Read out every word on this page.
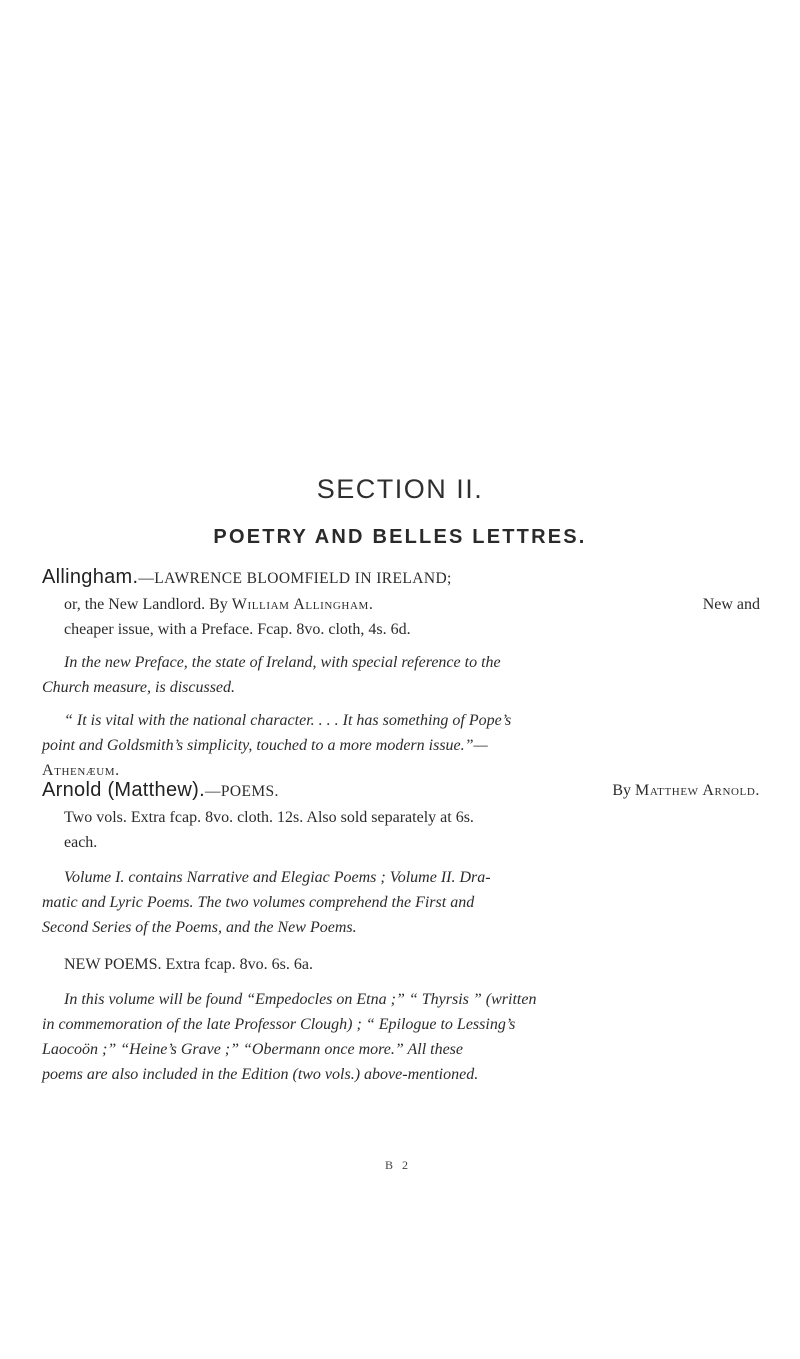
SECTION II.
POETRY AND BELLES LETTRES.
Allingham.—LAWRENCE BLOOMFIELD IN IRELAND;
or, the New Landlord. By William Allingham.	New and
cheaper issue, with a Preface. Fcap. 8vo. cloth, 4s. 6d.
In the new Preface, the state of Ireland, with special reference to the
Church measure, is discussed.
“ It is vital with the national character. . . . It has something of Pope’s
point and Goldsmith’s simplicity, touched to a more modern issue.”—
Athenæum.
Arnold (Matthew).—POEMS.	By Matthew Arnold.
Two vols. Extra fcap. 8vo. cloth. 12s. Also sold separately at 6s.
each.
Volume I. contains Narrative and Elegiac Poems ; Volume II. Dra-
matic and Lyric Poems. The two volumes comprehend the First and
Second Series of the Poems, and the New Poems.
NEW POEMS. Extra fcap. 8vo. 6s. 6a.
In this volume will be found “Empedocles on Etna ;” “ Thyrsis ” (written
in commemoration of the late Professor Clough) ; “ Epilogue to Lessing’s
Laocoön ;” “Heine’s Grave ;” “Obermann once more.” All these
poems are also included in the Edition (two vols.) above-mentioned.
B 2
